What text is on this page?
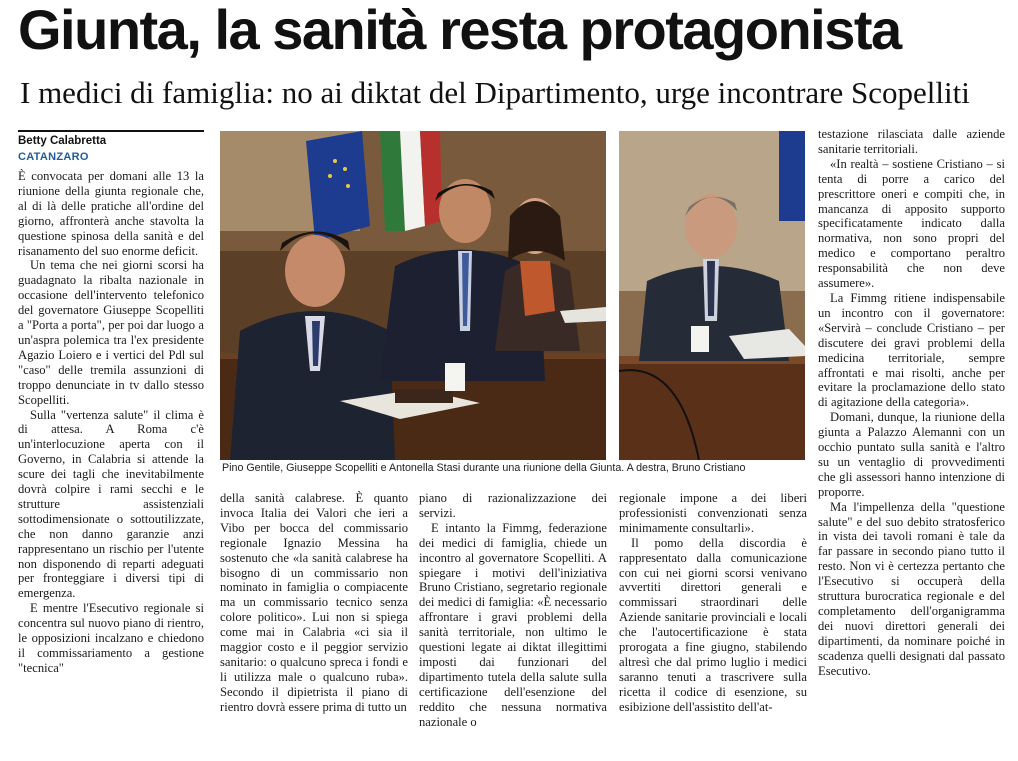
Giunta, la sanità resta protagonista
I medici di famiglia: no ai diktat del Dipartimento, urge incontrare Scopelliti
Betty Calabretta
CATANZARO

È convocata per domani alle 13 la riunione della giunta regionale che, al di là delle pratiche all'ordine del giorno, affronterà anche stavolta la questione spinosa della sanità e del risanamento del suo enorme deficit.

Un tema che nei giorni scorsi ha guadagnato la ribalta nazionale in occasione dell'intervento telefonico del governatore Giuseppe Scopelliti a "Porta a porta", per poi dar luogo a un'aspra polemica tra l'ex presidente Agazio Loiero e i vertici del Pdl sul "caso" delle tremila assunzioni di troppo denunciate in tv dallo stesso Scopelliti.

Sulla "vertenza salute" il clima è di attesa. A Roma c'è un'interlocuzione aperta con il Governo, in Calabria si attende la scure dei tagli che inevitabilmente dovrà colpire i rami secchi e le strutture assistenziali sottodimensionate o sottoutilizzate, che non danno garanzie anzi rappresentano un rischio per l'utente non disponendo di reparti adeguati per fronteggiare i diversi tipi di emergenza.

E mentre l'Esecutivo regionale si concentra sul nuovo piano di rientro, le opposizioni incalzano e chiedono il commissariamento a gestione "tecnica"

Pino Gentile, Giuseppe Scopelliti e Antonella Stasi durante una riunione della Giunta. A destra, Bruno Cristiano

della sanità calabrese. È quanto invoca Italia dei Valori che ieri a Vibo per bocca del commissario regionale Ignazio Messina ha sostenuto che «la sanità calabrese ha bisogno di un commissario non nominato in famiglia o compiacente ma un commissario tecnico senza colore politico». Lui non si spiega come mai in Calabria «ci sia il maggior costo e il peggior servizio sanitario: o qualcuno spreca i fondi e li utilizza male o qualcuno ruba». Secondo il dipietrista il piano di rientro dovrà essere prima di tutto un

piano di razionalizzazione dei servizi.

E intanto la Fimmg, federazione dei medici di famiglia, chiede un incontro al governatore Scopelliti. A spiegare i motivi dell'iniziativa Bruno Cristiano, segretario regionale dei medici di famiglia: «È necessario affrontare i gravi problemi della sanità territoriale, non ultimo le questioni legate ai diktat illegittimi imposti dai funzionari del dipartimento tutela della salute sulla certificazione dell'esenzione del reddito che nessuna normativa nazionale o

regionale impone a dei liberi professionisti convenzionati senza minimamente consultarli».

Il pomo della discordia è rappresentato dalla comunicazione con cui nei giorni scorsi venivano avvertiti direttori generali e commissari straordinari delle Aziende sanitarie provinciali e locali che l'autocertificazione è stata prorogata a fine giugno, stabilendo altresì che dal primo luglio i medici saranno tenuti a trascrivere sulla ricetta il codice di esenzione, su esibizione dell'assistito dell'at-

testazione rilasciata dalle aziende sanitarie territoriali.

«In realtà – sostiene Cristiano – si tenta di porre a carico del prescrittore oneri e compiti che, in mancanza di apposito supporto specificatamente indicato dalla normativa, non sono propri del medico e comportano peraltro responsabilità che non deve assumere».

La Fimmg ritiene indispensabile un incontro con il governatore: «Servirà – conclude Cristiano – per discutere dei gravi problemi della medicina territoriale, sempre affrontati e mai risolti, anche per evitare la proclamazione dello stato di agitazione della categoria».

Domani, dunque, la riunione della giunta a Palazzo Alemanni con un occhio puntato sulla sanità e l'altro su un ventaglio di provvedimenti che gli assessori hanno intenzione di proporre.

Ma l'impellenza della "questione salute" e del suo debito stratosferico in vista dei tavoli romani è tale da far passare in secondo piano tutto il resto. Non vi è certezza pertanto che l'Esecutivo si occuperà della struttura burocratica regionale e del completamento dell'organigramma dei nuovi direttori generali dei dipartimenti, da nominare poiché in scadenza quelli designati dal passato Esecutivo.
